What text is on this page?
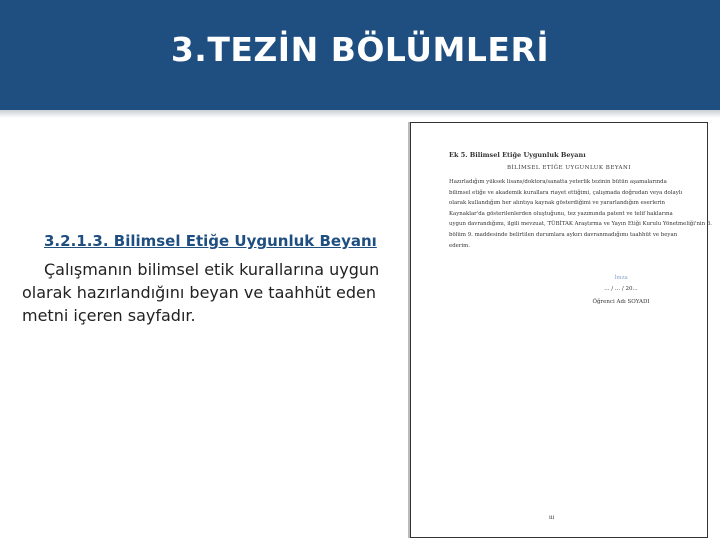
3.TEZİN BÖLÜMLERİ
3.2.1.3. Bilimsel Etiğe Uygunluk Beyanı
Çalışmanın bilimsel etik kurallarına uygun olarak hazırlandığını beyan ve taahhüt eden metni içeren sayfadır.
Ek 5. Bilimsel Etiğe Uygunluk Beyanı
BİLİMSEL ETİĞE UYGUNLUK BEYANI
Hazırladığım yüksek lisans/doktora/sanatta yeterlik tezinin bütün aşamalarında
bilimsel etiğe ve akademik kurallara riayet ettiğimi, çalışmada doğrudan veya dolaylı
olarak kullandığım her alıntıya kaynak gösterdiğimi ve yararlandığım eserlerin
Kaynaklar'da gösterilenlerden oluştuğunu, tez yazımında patent ve telif haklarına
uygun davrandığımı, ilgili mevzuat, TÜBİTAK Araştırma ve Yayın Etiği Kurulu Yönetmeliği'nin 3.
bölüm 9. maddesinde belirtilen durumlara aykırı davranmadığımı taahhüt ve beyan
ederim.
İmza
... / ... / 20...
Öğrenci Adı SOYADI
iii
